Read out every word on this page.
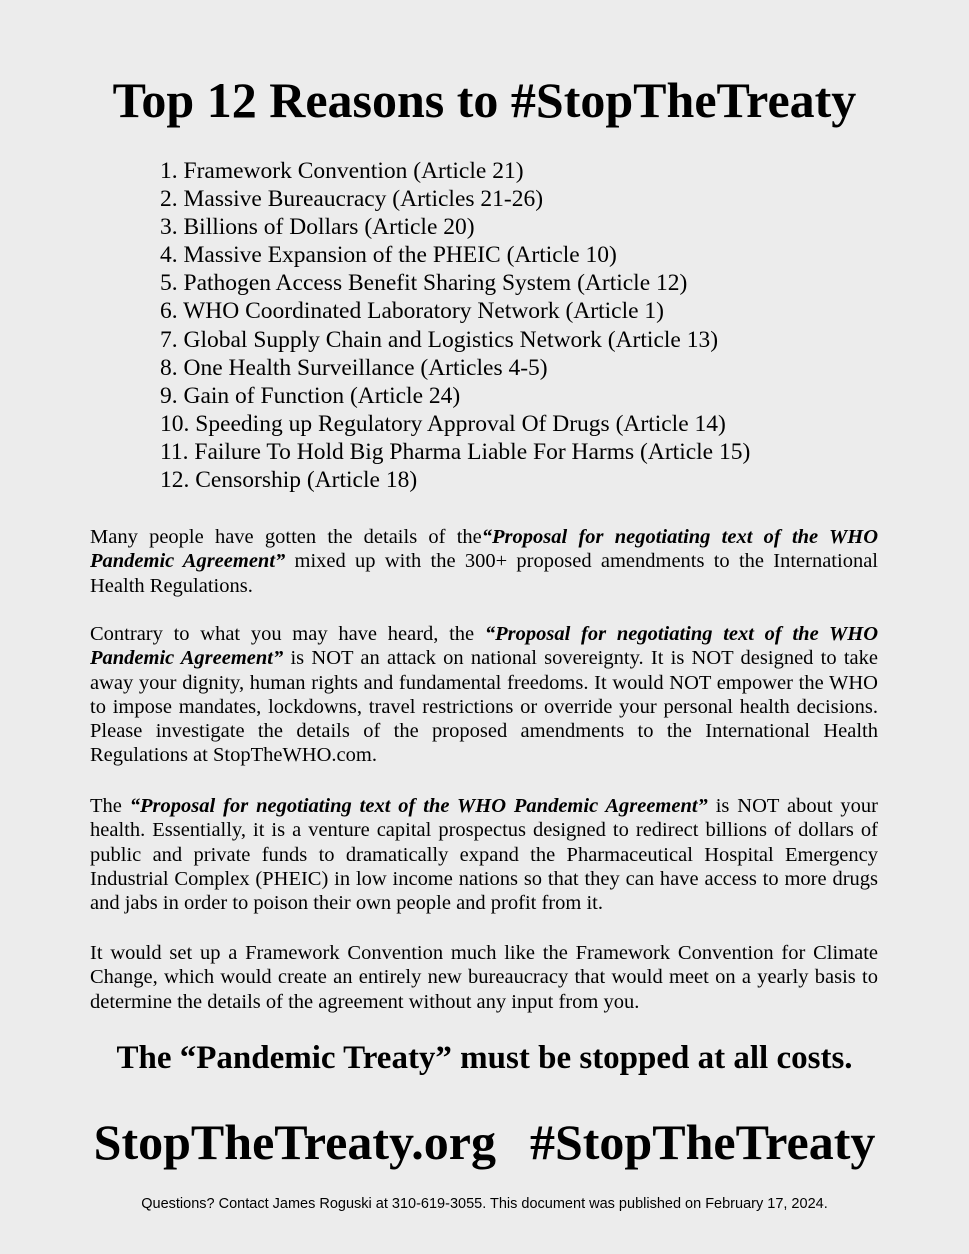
Top 12 Reasons to #StopTheTreaty
1. Framework Convention (Article 21)
2. Massive Bureaucracy (Articles 21-26)
3. Billions of Dollars (Article 20)
4. Massive Expansion of the PHEIC (Article 10)
5. Pathogen Access Benefit Sharing System (Article 12)
6. WHO Coordinated Laboratory Network (Article 1)
7. Global Supply Chain and Logistics Network (Article 13)
8. One Health Surveillance (Articles 4-5)
9. Gain of Function (Article 24)
10. Speeding up Regulatory Approval Of Drugs (Article 14)
11. Failure To Hold Big Pharma Liable For Harms (Article 15)
12. Censorship (Article 18)

Many people have gotten the details of the“Proposal for negotiating text of the WHO Pandemic Agreement” mixed up with the 300+ proposed amendments to the International Health Regulations.

Contrary to what you may have heard, the “Proposal for negotiating text of the WHO Pandemic Agreement” is NOT an attack on national sovereignty. It is NOT designed to take away your dignity, human rights and fundamental freedoms. It would NOT empower the WHO to impose mandates, lockdowns, travel restrictions or override your personal health decisions. Please investigate the details of the proposed amendments to the International Health Regulations at StopTheWHO.com.

The “Proposal for negotiating text of the WHO Pandemic Agreement” is NOT about your health. Essentially, it is a venture capital prospectus designed to redirect billions of dollars of public and private funds to dramatically expand the Pharmaceutical Hospital Emergency Industrial Complex (PHEIC) in low income nations so that they can have access to more drugs and jabs in order to poison their own people and profit from it.

It would set up a Framework Convention much like the Framework Convention for Climate Change, which would create an entirely new bureaucracy that would meet on a yearly basis to determine the details of the agreement without any input from you.

The “Pandemic Treaty” must be stopped at all costs.
StopTheTreaty.org #StopTheTreaty

Questions? Contact James Roguski at 310-619-3055. This document was published on February 17, 2024.
